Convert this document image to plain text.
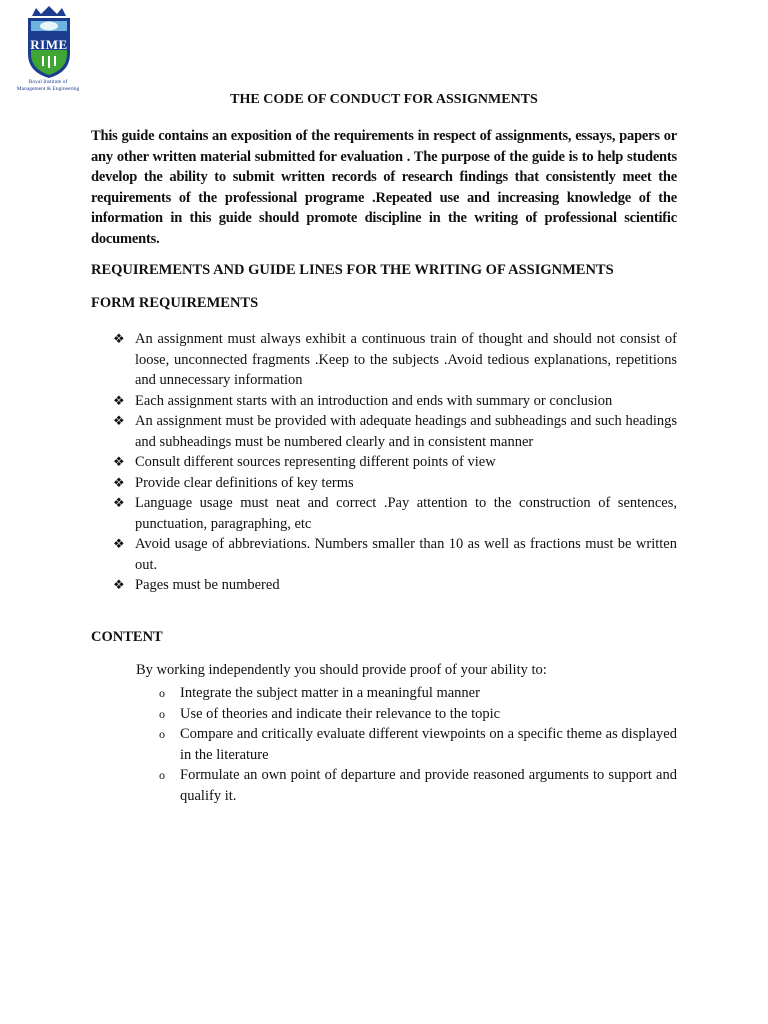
RIME
Royal Institute of
Management & Engineering
THE CODE OF CONDUCT FOR ASSIGNMENTS

This guide contains an exposition of the requirements in respect of assignments, essays, papers or any other written material submitted for evaluation . The purpose of the guide is to help students develop the ability to submit written records of research findings that consistently meet the requirements of the professional programe .Repeated use and increasing knowledge of the information in this guide should promote discipline in the writing of professional scientific documents.

REQUIREMENTS AND GUIDE LINES FOR THE WRITING OF ASSIGNMENTS
FORM REQUIREMENTS
❖ An assignment must always exhibit a continuous train of thought and should not consist of loose, unconnected fragments .Keep to the subjects .Avoid tedious explanations, repetitions and unnecessary information
❖ Each assignment starts with an introduction and ends with summary or conclusion
❖ An assignment must be provided with adequate headings and subheadings and such headings and subheadings must be numbered clearly and in consistent manner
❖ Consult different sources representing different points of view
❖ Provide clear definitions of key terms
❖ Language usage must neat and correct .Pay attention to the construction of sentences, punctuation, paragraphing, etc
❖ Avoid usage of abbreviations. Numbers smaller than 10 as well as fractions must be written out.
❖ Pages must be numbered
CONTENT
By working independently you should provide proof of your ability to:
o Integrate the subject matter in a meaningful manner
o Use of theories and indicate their relevance to the topic
o Compare and critically evaluate different viewpoints on a specific theme as displayed in the literature
o Formulate an own point of departure and provide reasoned arguments to support and qualify it.
